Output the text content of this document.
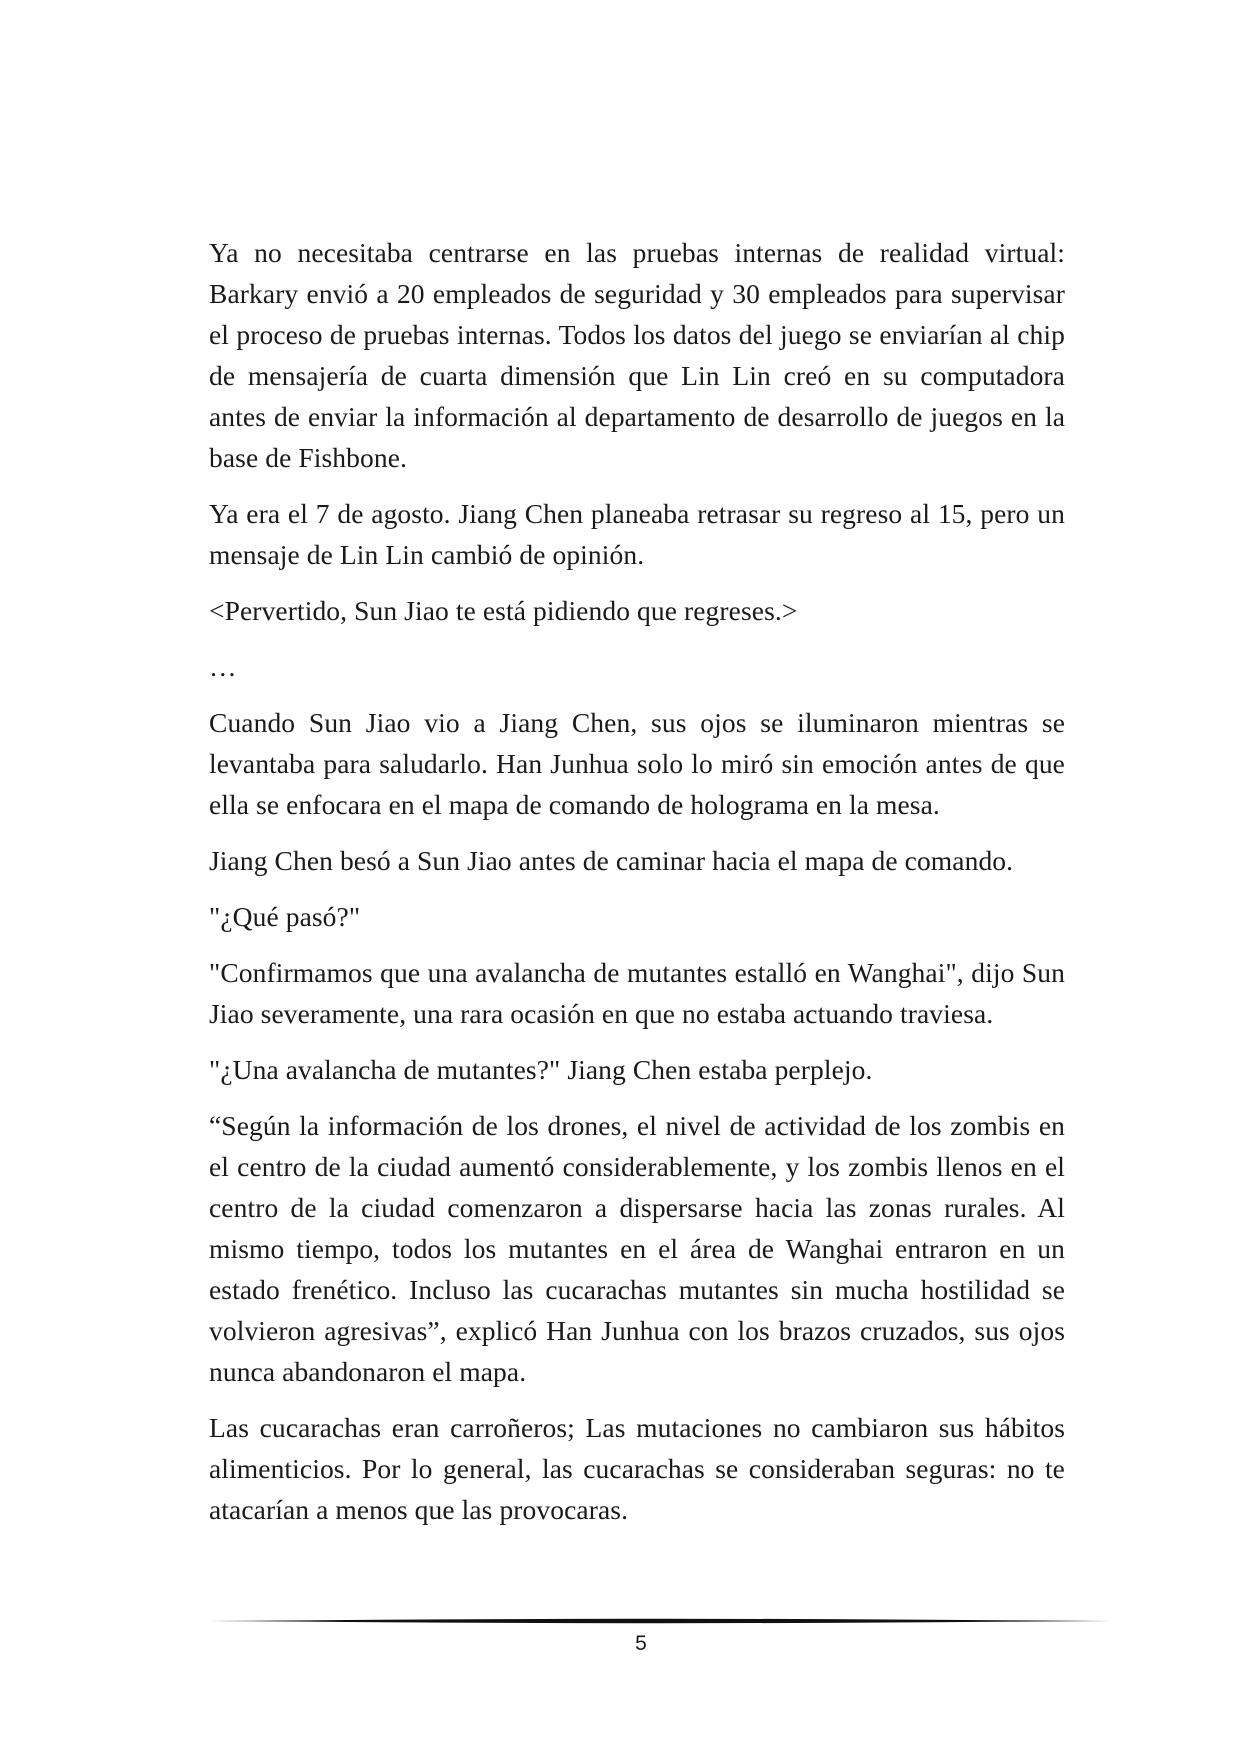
Ya no necesitaba centrarse en las pruebas internas de realidad virtual: Barkary envió a 20 empleados de seguridad y 30 empleados para supervisar el proceso de pruebas internas. Todos los datos del juego se enviarían al chip de mensajería de cuarta dimensión que Lin Lin creó en su computadora antes de enviar la información al departamento de desarrollo de juegos en la base de Fishbone.

Ya era el 7 de agosto. Jiang Chen planeaba retrasar su regreso al 15, pero un mensaje de Lin Lin cambió de opinión.

<Pervertido, Sun Jiao te está pidiendo que regreses.>

…

Cuando Sun Jiao vio a Jiang Chen, sus ojos se iluminaron mientras se levantaba para saludarlo. Han Junhua solo lo miró sin emoción antes de que ella se enfocara en el mapa de comando de holograma en la mesa.

Jiang Chen besó a Sun Jiao antes de caminar hacia el mapa de comando.

"¿Qué pasó?"

"Confirmamos que una avalancha de mutantes estalló en Wanghai", dijo Sun Jiao severamente, una rara ocasión en que no estaba actuando traviesa.

"¿Una avalancha de mutantes?" Jiang Chen estaba perplejo.

“Según la información de los drones, el nivel de actividad de los zombis en el centro de la ciudad aumentó considerablemente, y los zombis llenos en el centro de la ciudad comenzaron a dispersarse hacia las zonas rurales. Al mismo tiempo, todos los mutantes en el área de Wanghai entraron en un estado frenético. Incluso las cucarachas mutantes sin mucha hostilidad se volvieron agresivas”, explicó Han Junhua con los brazos cruzados, sus ojos nunca abandonaron el mapa.

Las cucarachas eran carroñeros; Las mutaciones no cambiaron sus hábitos alimenticios. Por lo general, las cucarachas se consideraban seguras: no te atacarían a menos que las provocaras.

5
